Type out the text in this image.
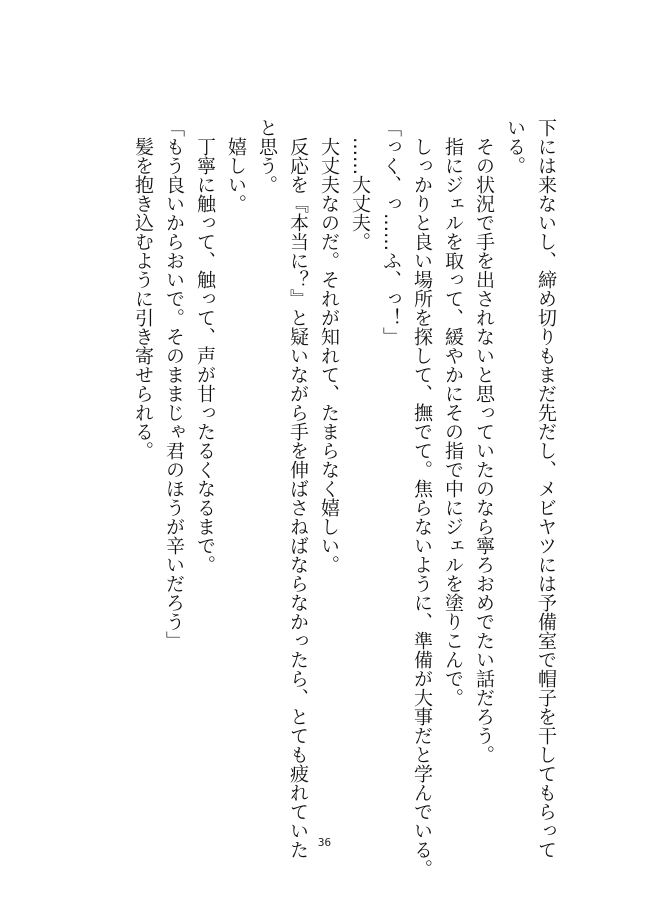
下には来ないし、締め切りもまだ先だし、メビヤツには予備室で帽子を干してもらって
いる。
　その状況で手を出されないと思っていたのなら寧ろおめでたい話だろう。
　指にジェルを取って、緩やかにその指で中にジェルを塗りこんで。
　しっかりと良い場所を探して、撫でて。焦らないように、準備が大事だと学んでいる。
「っく、っ……ふ、っ！」
　……大丈夫。
　大丈夫なのだ。それが知れて、たまらなく嬉しい。
　反応を『本当に？』と疑いながら手を伸ばさねばならなかったら、とても疲れていた
と思う。
　嬉しい。
　丁寧に触って、触って、声が甘ったるくなるまで。
「もう良いからおいで。そのままじゃ君のほうが辛いだろう」
　髪を抱き込むように引き寄せられる。
36
